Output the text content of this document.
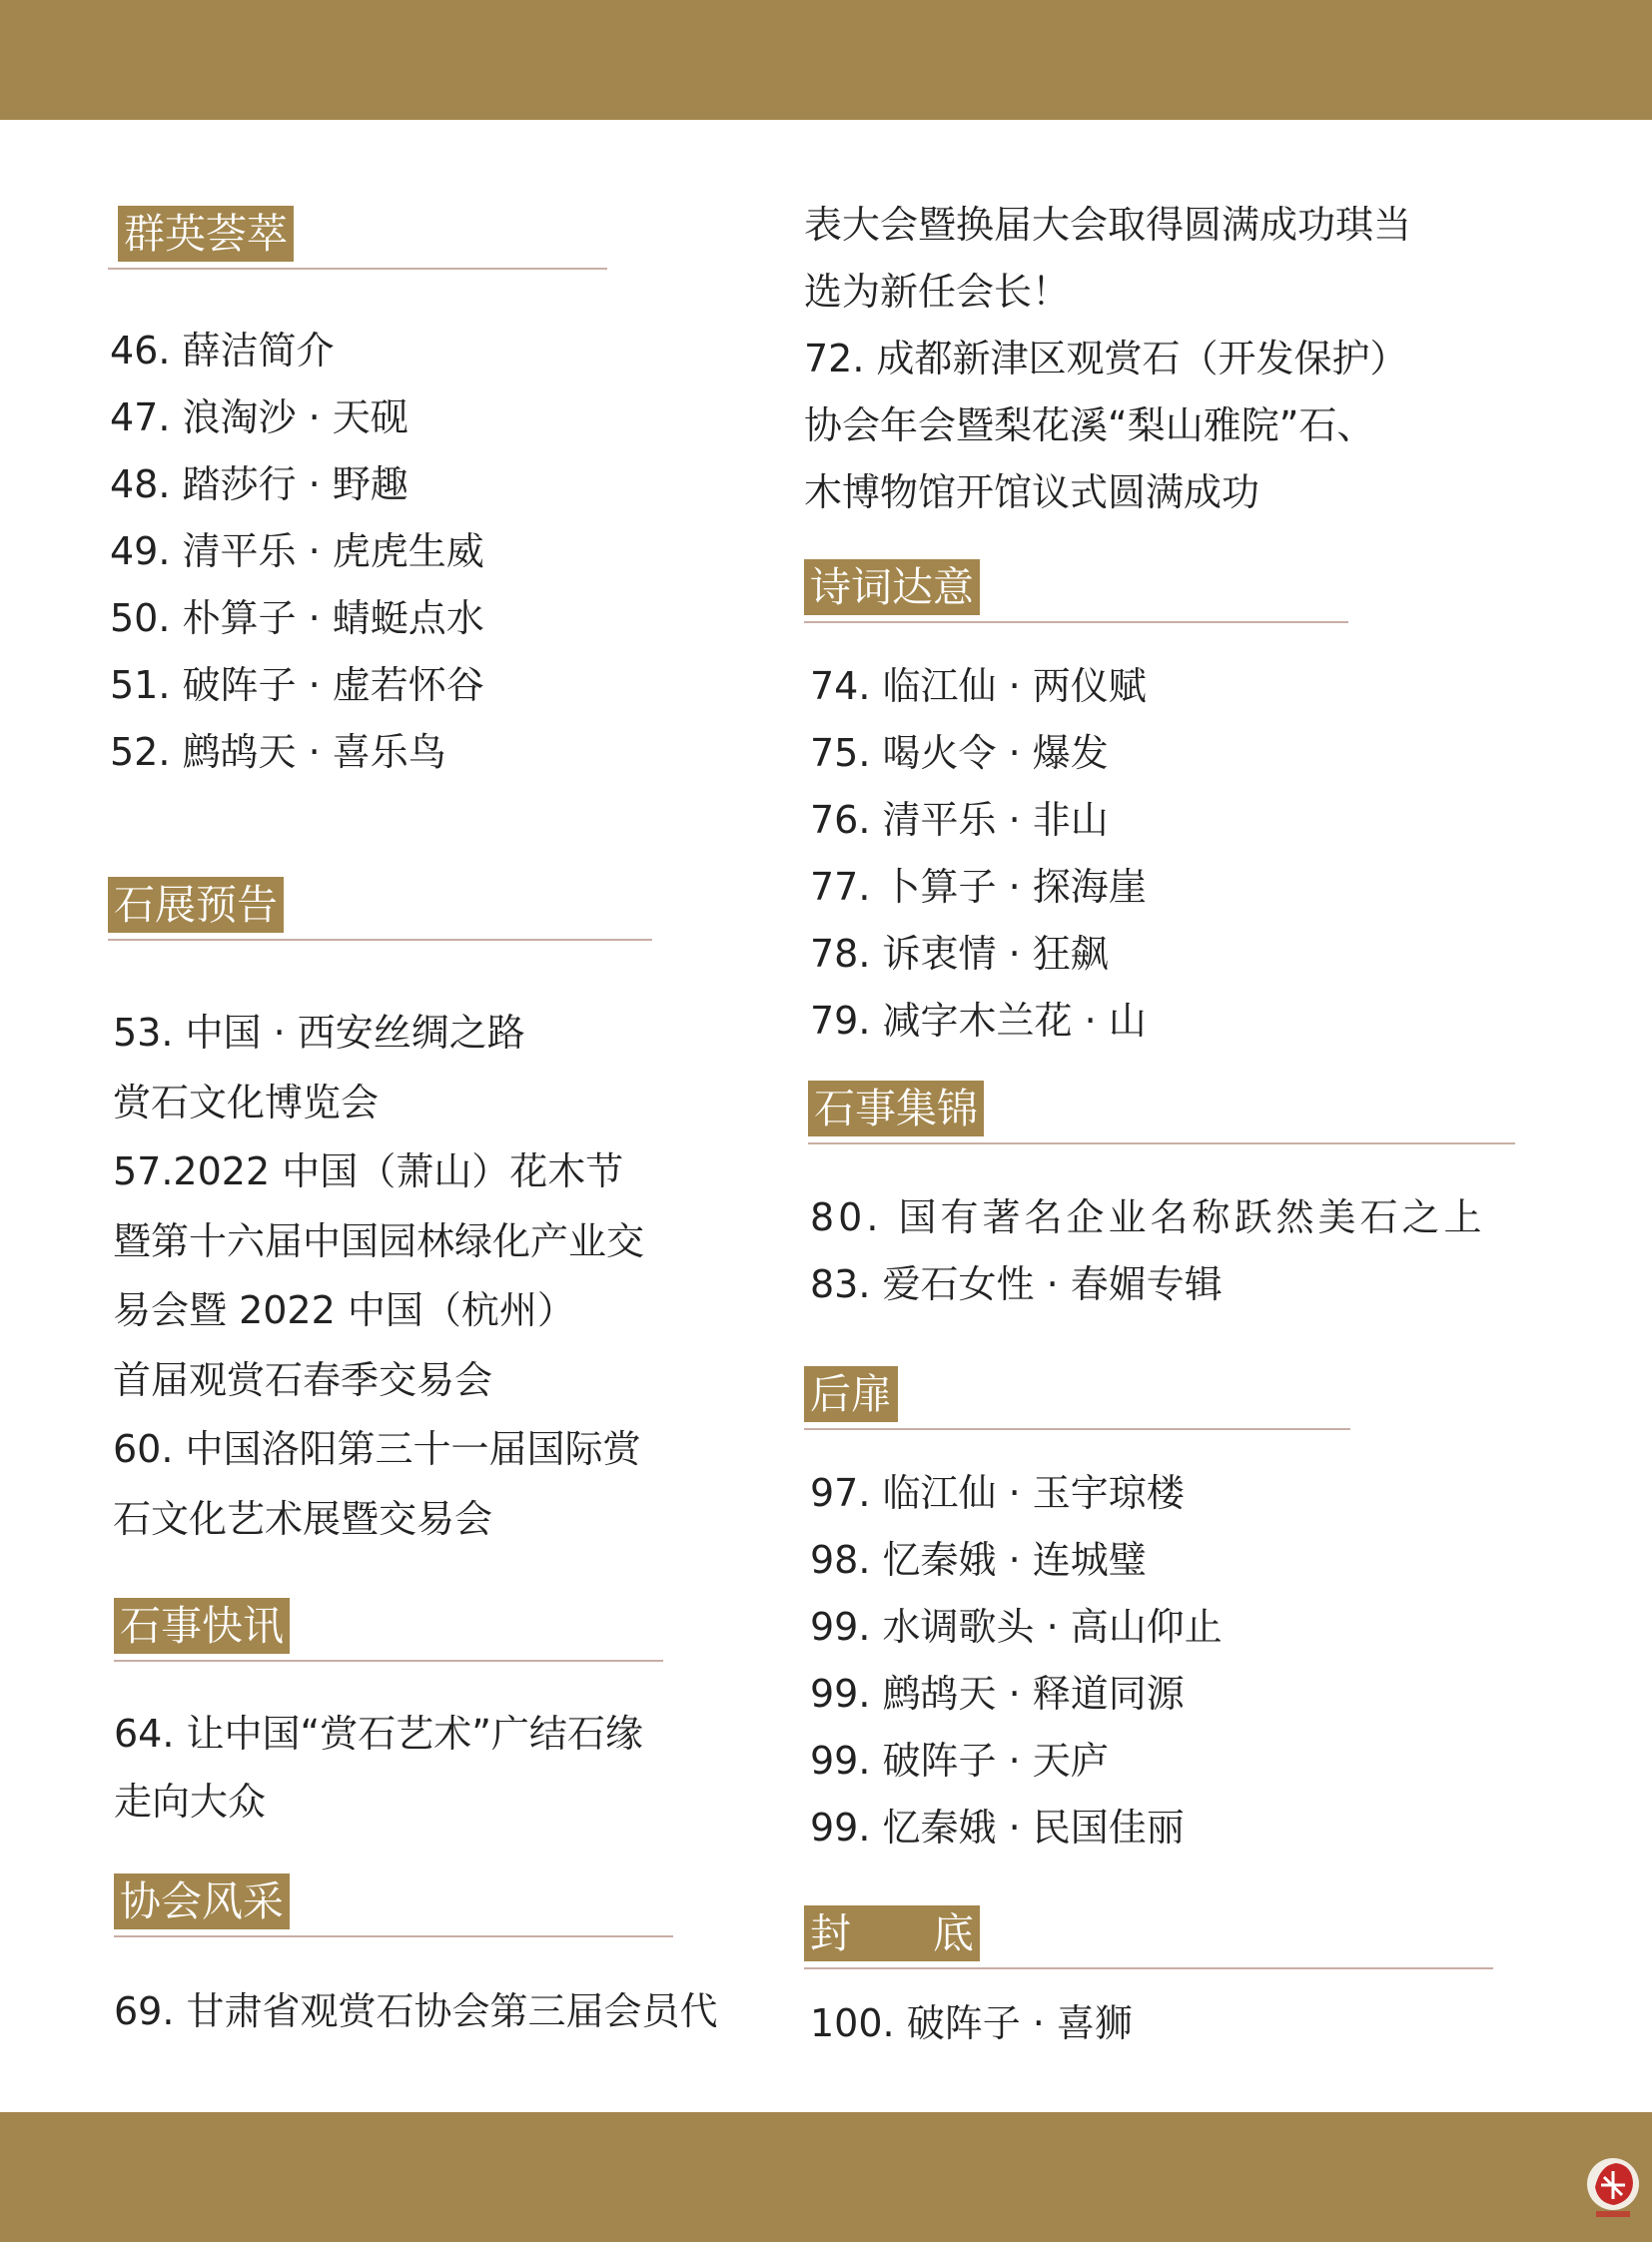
群英荟萃
46. 薛洁简介
47. 浪淘沙 · 天砚
48. 踏莎行 · 野趣
49. 清平乐 · 虎虎生威
50. 朴算子 · 蜻蜓点水
51. 破阵子 · 虚若怀谷
52. 鹧鸪天 · 喜乐鸟
石展预告
53. 中国 · 西安丝绸之路
赏石文化博览会
57.2022 中国（萧山）花木节
暨第十六届中国园林绿化产业交
易会暨 2022 中国（杭州）
首届观赏石春季交易会
60. 中国洛阳第三十一届国际赏
石文化艺术展暨交易会
石事快讯
64. 让中国“赏石艺术”广结石缘
走向大众
协会风采
69. 甘肃省观赏石协会第三届会员代
表大会暨换届大会取得圆满成功琪当
选为新任会长！
72. 成都新津区观赏石（开发保护）
协会年会暨梨花溪“梨山雅院”石、
木博物馆开馆议式圆满成功
诗词达意
74. 临江仙 · 两仪赋
75. 喝火令 · 爆发
76. 清平乐 · 非山
77. 卜算子 · 探海崖
78. 诉衷情 · 狂飙
79. 减字木兰花 · 山
石事集锦
80. 国有著名企业名称跃然美石之上
83. 爱石女性 · 春媚专辑
后扉
97. 临江仙 · 玉宇琼楼
98. 忆秦娥 · 连城璧
99. 水调歌头 · 高山仰止
99. 鹧鸪天 · 释道同源
99. 破阵子 · 天庐
99. 忆秦娥 · 民国佳丽
封　　底
100. 破阵子 · 喜狮
